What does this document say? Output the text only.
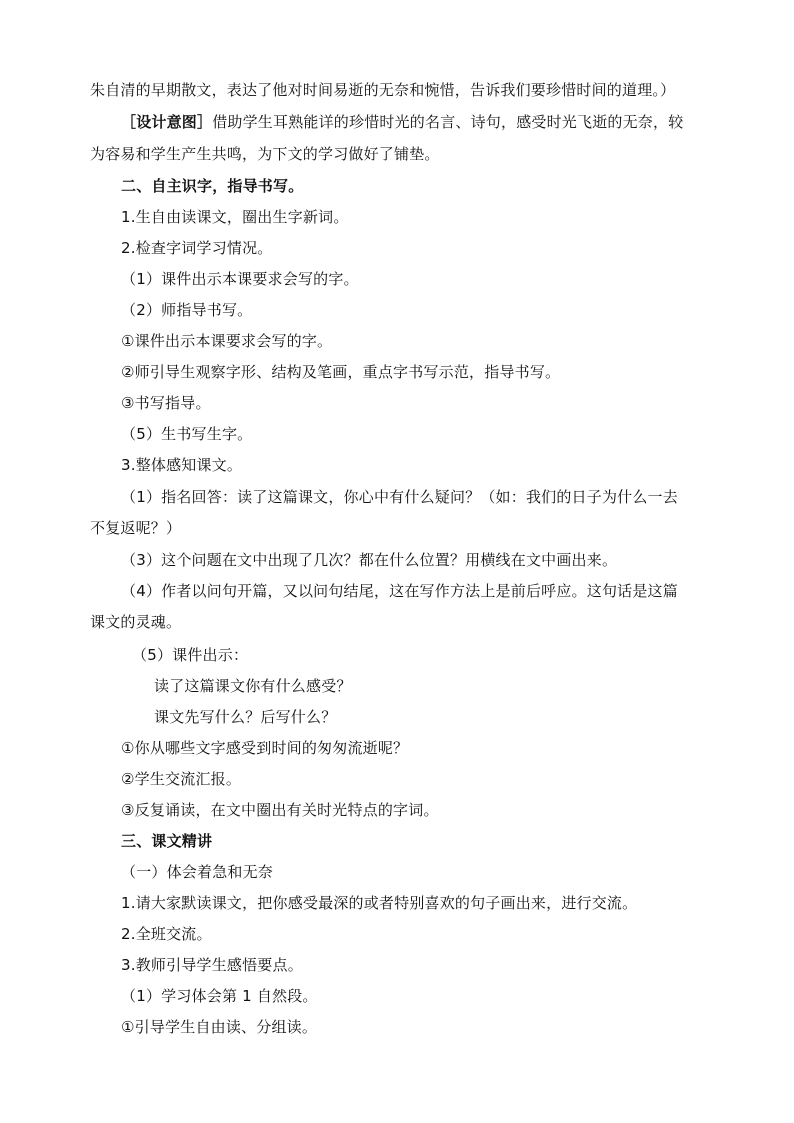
朱自清的早期散文，表达了他对时间易逝的无奈和惋惜，告诉我们要珍惜时间的道理。）
［设计意图］借助学生耳熟能详的珍惜时光的名言、诗句，感受时光飞逝的无奈，较
为容易和学生产生共鸣，为下文的学习做好了铺垫。
二、自主识字，指导书写。
1.生自由读课文，圈出生字新词。
2.检查字词学习情况。
（1）课件出示本课要求会写的字。
（2）师指导书写。
①课件出示本课要求会写的字。
②师引导生观察字形、结构及笔画，重点字书写示范，指导书写。
③书写指导。
（5）生书写生字。
3.整体感知课文。
（1）指名回答：读了这篇课文，你心中有什么疑问？（如：我们的日子为什么一去
不复返呢？）
（3）这个问题在文中出现了几次？都在什么位置？用横线在文中画出来。
（4）作者以问句开篇，又以问句结尾，这在写作方法上是前后呼应。这句话是这篇
课文的灵魂。
（5）课件出示：
读了这篇课文你有什么感受？
课文先写什么？后写什么？
①你从哪些文字感受到时间的匆匆流逝呢？
②学生交流汇报。
③反复诵读，在文中圈出有关时光特点的字词。
三、课文精讲
（一）体会着急和无奈
1.请大家默读课文，把你感受最深的或者特别喜欢的句子画出来，进行交流。
2.全班交流。
3.教师引导学生感悟要点。
（1）学习体会第 1 自然段。
①引导学生自由读、分组读。
